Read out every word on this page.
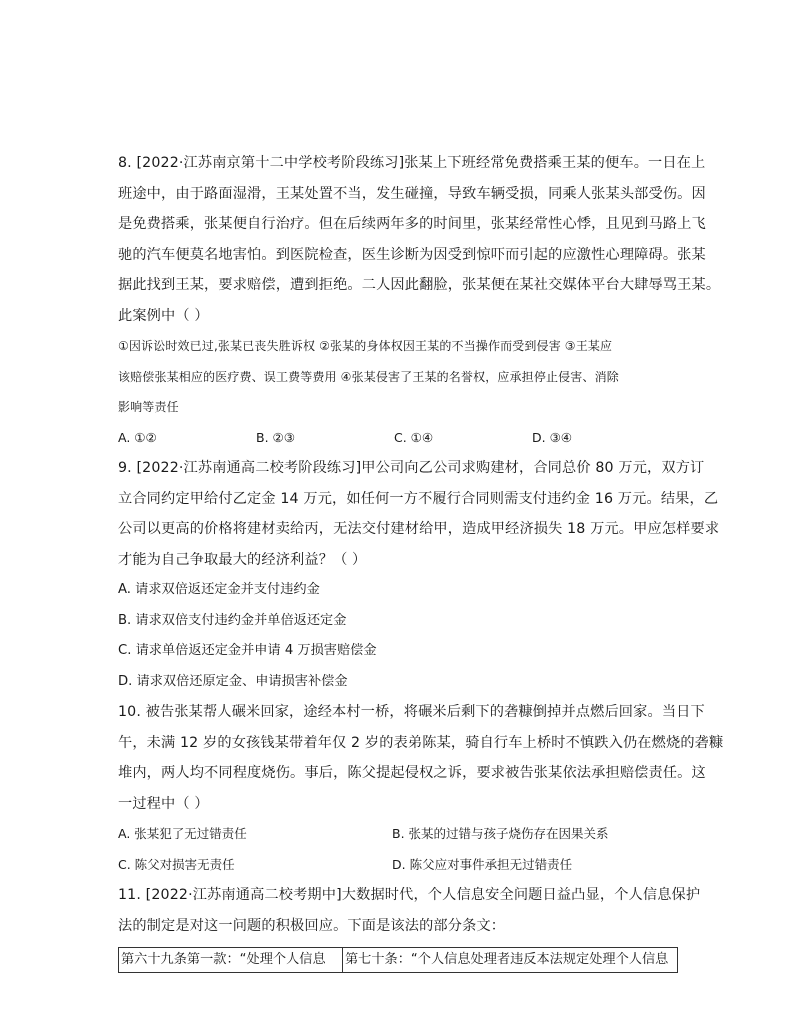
8. [2022·江苏南京第十二中学校考阶段练习]张某上下班经常免费搭乘王某的便车。一日在上

班途中，由于路面湿滑，王某处置不当，发生碰撞，导致车辆受损，同乘人张某头部受伤。因

是免费搭乘，张某便自行治疗。但在后续两年多的时间里，张某经常性心悸，且见到马路上飞

驰的汽车便莫名地害怕。到医院检查，医生诊断为因受到惊吓而引起的应激性心理障碍。张某

据此找到王某，要求赔偿，遭到拒绝。二人因此翻脸，张某便在某社交媒体平台大肆辱骂王某。

此案例中（ ）

①因诉讼时效已过,张某已丧失胜诉权 ②张某的身体权因王某的不当操作而受到侵害 ③王某应

该赔偿张某相应的医疗费、误工费等费用 ④张某侵害了王某的名誉权，应承担停止侵害、消除

影响等责任

A. ①②	B. ②③	C. ①④	D. ③④

9. [2022·江苏南通高二校考阶段练习]甲公司向乙公司求购建材，合同总价 80 万元，双方订

立合同约定甲给付乙定金 14 万元，如任何一方不履行合同则需支付违约金 16 万元。结果，乙

公司以更高的价格将建材卖给丙，无法交付建材给甲，造成甲经济损失 18 万元。甲应怎样要求

才能为自己争取最大的经济利益？（ ）

A. 请求双倍返还定金并支付违约金
B. 请求双倍支付违约金并单倍返还定金
C. 请求单倍返还定金并申请 4 万损害赔偿金
D. 请求双倍还原定金、申请损害补偿金

10. 被告张某帮人碾米回家，途经本村一桥，将碾米后剩下的砻糠倒掉并点燃后回家。当日下

午，未满 12 岁的女孩钱某带着年仅 2 岁的表弟陈某，骑自行车上桥时不慎跌入仍在燃烧的砻糠

堆内，两人均不同程度烧伤。事后，陈父提起侵权之诉，要求被告张某依法承担赔偿责任。这

一过程中（ ）

A. 张某犯了无过错责任	B. 张某的过错与孩子烧伤存在因果关系
C. 陈父对损害无责任	D. 陈父应对事件承担无过错责任

11. [2022·江苏南通高二校考期中]大数据时代，个人信息安全问题日益凸显，个人信息保护

法的制定是对这一问题的积极回应。下面是该法的部分条文：

第六十九条第一款：“处理个人信息	第七十条：“个人信息处理者违反本法规定处理个人信息
